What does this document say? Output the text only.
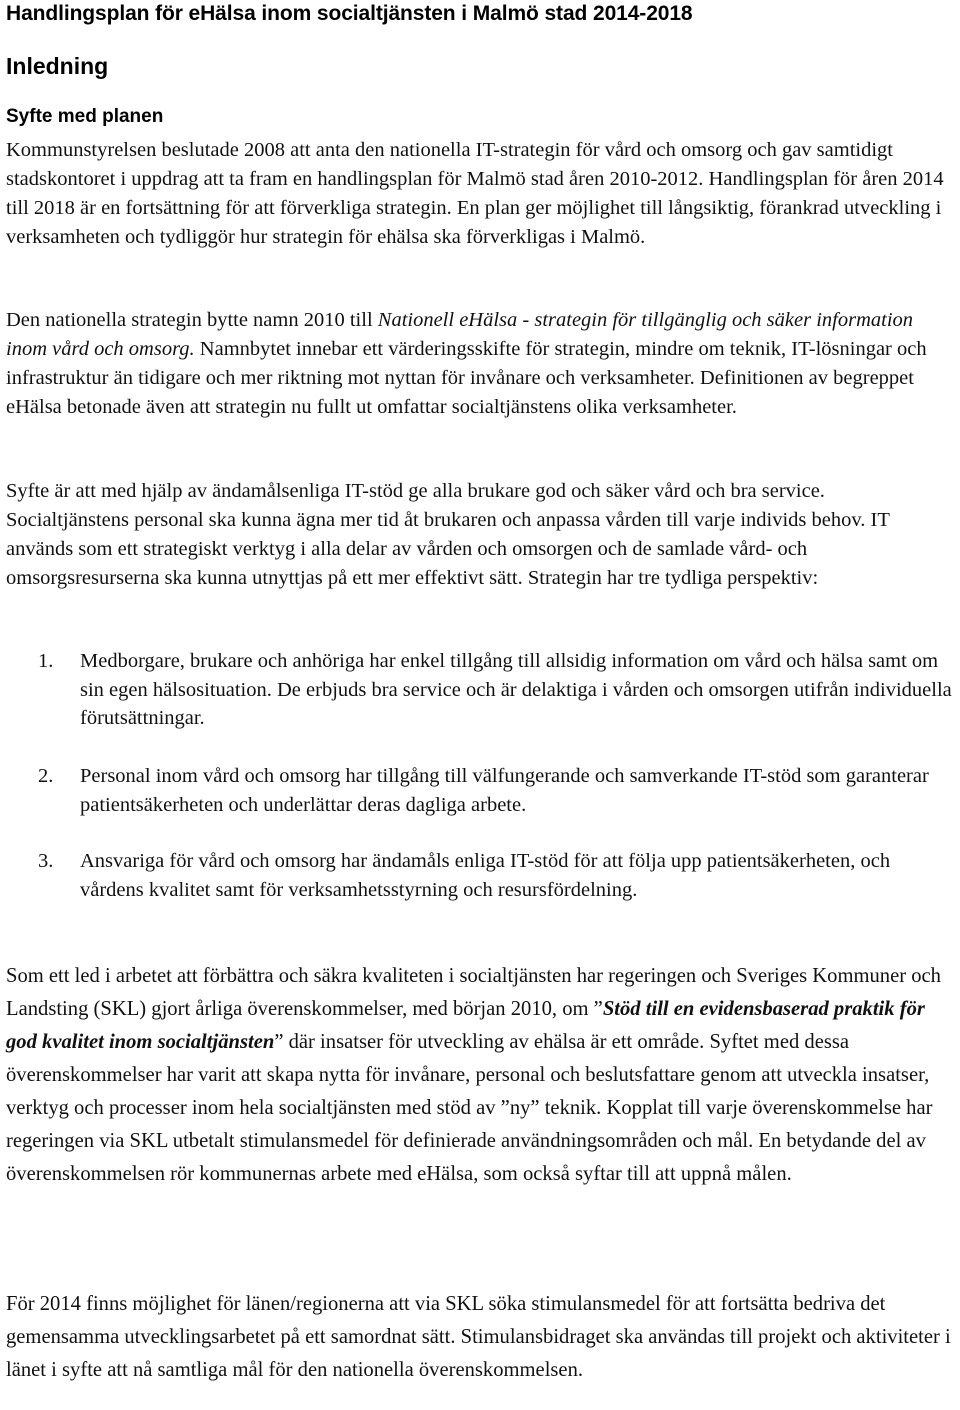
Handlingsplan för eHälsa inom socialtjänsten i Malmö stad 2014-2018
Inledning
Syfte med planen

Kommunstyrelsen beslutade 2008 att anta den nationella IT-strategin för vård och omsorg och gav samtidigt stadskontoret i uppdrag att ta fram en handlingsplan för Malmö stad åren 2010-2012. Handlingsplan för åren 2014 till 2018 är en fortsättning för att förverkliga strategin. En plan ger möjlighet till långsiktig, förankrad utveckling i verksamheten och tydliggör hur strategin för ehälsa ska förverkligas i Malmö.

Den nationella strategin bytte namn 2010 till Nationell eHälsa - strategin för tillgänglig och säker information inom vård och omsorg. Namnbytet innebar ett värderingsskifte för strategin, mindre om teknik, IT-lösningar och infrastruktur än tidigare och mer riktning mot nyttan för invånare och verksamheter. Definitionen av begreppet eHälsa betonade även att strategin nu fullt ut omfattar socialtjänstens olika verksamheter.

Syfte är att med hjälp av ändamålsenliga IT-stöd ge alla brukare god och säker vård och bra service. Socialtjänstens personal ska kunna ägna mer tid åt brukaren och anpassa vården till varje individs behov. IT används som ett strategiskt verktyg i alla delar av vården och omsorgen och de samlade vård- och omsorgsresurserna ska kunna utnyttjas på ett mer effektivt sätt. Strategin har tre tydliga perspektiv:

1. Medborgare, brukare och anhöriga har enkel tillgång till allsidig information om vård och hälsa samt om sin egen hälsosituation. De erbjuds bra service och är delaktiga i vården och omsorgen utifrån individuella förutsättningar.

2. Personal inom vård och omsorg har tillgång till välfungerande och samverkande IT-stöd som garanterar patientsäkerheten och underlättar deras dagliga arbete.

3. Ansvariga för vård och omsorg har ändamåls enliga IT-stöd för att följa upp patientsäkerheten, och vårdens kvalitet samt för verksamhetsstyrning och resursfördelning.

Som ett led i arbetet att förbättra och säkra kvaliteten i socialtjänsten har regeringen och Sveriges Kommuner och Landsting (SKL) gjort årliga överenskommelser, med början 2010, om ”Stöd till en evidensbaserad praktik för god kvalitet inom socialtjänsten” där insatser för utveckling av ehälsa är ett område. Syftet med dessa överenskommelser har varit att skapa nytta för invånare, personal och beslutsfattare genom att utveckla insatser, verktyg och processer inom hela socialtjänsten med stöd av ”ny” teknik. Kopplat till varje överenskommelse har regeringen via SKL utbetalt stimulansmedel för definierade användningsområden och mål. En betydande del av överenskommelsen rör kommunernas arbete med eHälsa, som också syftar till att uppnå målen.

För 2014 finns möjlighet för länen/regionerna att via SKL söka stimulansmedel för att fortsätta bedriva det gemensamma utvecklingsarbetet på ett samordnat sätt. Stimulansbidraget ska användas till projekt och aktiviteter i länet i syfte att nå samtliga mål för den nationella överenskommelsen.
